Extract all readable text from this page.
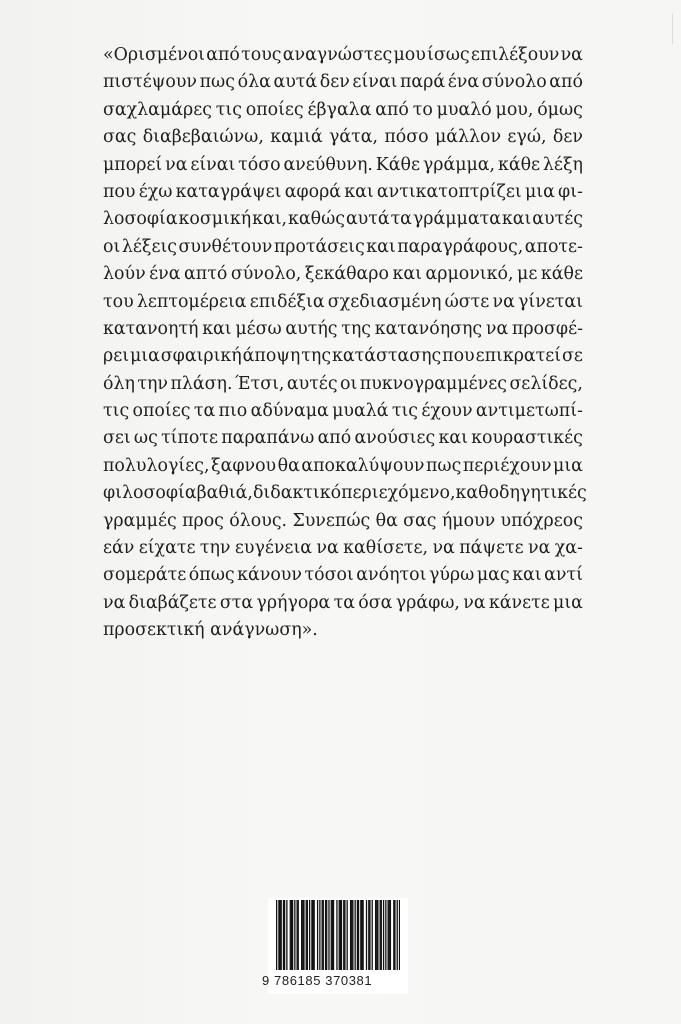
«Ορισμένοι από τους αναγνώστες μου ίσως επιλέξουν να
πιστέψουν πως όλα αυτά δεν είναι παρά ένα σύνολο από
σαχλαμάρες τις οποίες έβγαλα από το μυαλό μου, όμως
σας διαβεβαιώνω, καμιά γάτα, πόσο μάλλον εγώ, δεν
μπορεί να είναι τόσο ανεύθυνη. Κάθε γράμμα, κάθε λέξη
που έχω καταγράψει αφορά και αντικατοπτρίζει μια φι-
λοσοφία κοσμική και, καθώς αυτά τα γράμματα και αυτές
οι λέξεις συνθέτουν προτάσεις και παραγράφους, αποτε-
λούν ένα απτό σύνολο, ξεκάθαρο και αρμονικό, με κάθε
του λεπτομέρεια επιδέξια σχεδιασμένη ώστε να γίνεται
κατανοητή και μέσω αυτής της κατανόησης να προσφέ-
ρει μια σφαιρική άποψη της κατάστασης που επικρατεί σε
όλη την πλάση. Έτσι, αυτές οι πυκνογραμμένες σελίδες,
τις οποίες τα πιο αδύναμα μυαλά τις έχουν αντιμετωπί-
σει ως τίποτε παραπάνω από ανούσιες και κουραστικές
πολυλογίες, ξαφνου θα αποκαλύψουν πως περιέχουν μια
φιλοσοφία βαθιά, διδακτικό περιεχόμενο, καθοδηγητικές
γραμμές προς όλους. Συνεπώς θα σας ήμουν υπόχρεος
εάν είχατε την ευγένεια να καθίσετε, να πάψετε να χα-
σομεράτε όπως κάνουν τόσοι ανόητοι γύρω μας και αντί
να διαβάζετε στα γρήγορα τα όσα γράφω, να κάνετε μια
προσεκτική ανάγνωση».
9 786185 370381
